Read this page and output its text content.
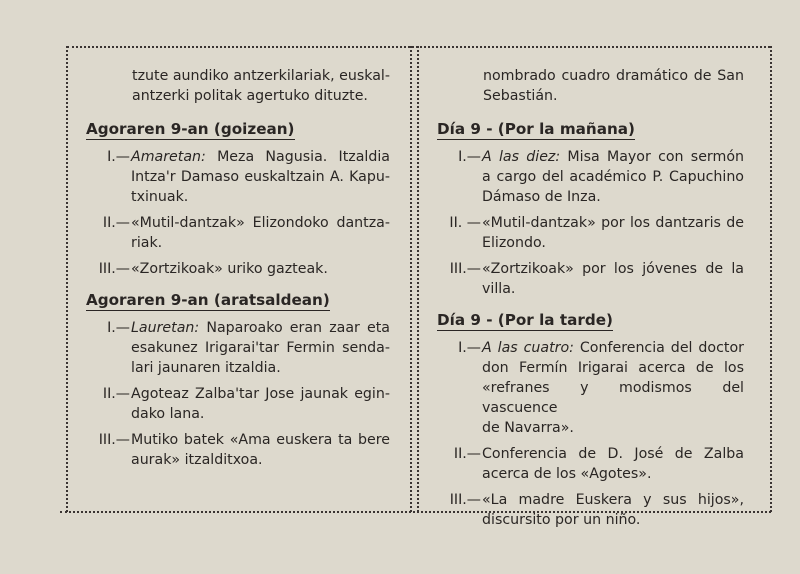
tzute aundiko antzerkilariak, euskal-
antzerki politak agertuko dituzte.
Agoraren 9-an (goizean)
I.— Amaretan: Meza Nagusia. Itzaldia
Intza'r Damaso euskaltzain A. Kapu-
txinuak.
II.— «Mutil-dantzak» Elizondoko dantza-
riak.
III.— «Zortzikoak» uriko gazteak.
Agoraren 9-an (aratsaldean)
I.— Lauretan: Naparoako eran zaar eta
esakunez Irigarai'tar Fermin senda-
lari jaunaren itzaldia.
II.— Agoteaz Zalba'tar Jose jaunak egin-
dako lana.
III.— Mutiko batek «Ama euskera ta bere
aurak» itzalditxoa.
nombrado cuadro dramático de San
Sebastián.
Día 9 - (Por la mañana)
I.— A las diez: Misa Mayor con sermón
a cargo del académico P. Capuchino
Dámaso de Inza.
II. — «Mutil-dantzak» por los dantzaris de
Elizondo.
III.— «Zortzikoak» por los jóvenes de la
villa.
Día 9 - (Por la tarde)
I.— A las cuatro: Conferencia del doctor
don Fermín Irigarai acerca de los
«refranes y modismos del vascuence
de Navarra».
II.— Conferencia de D. José de Zalba
acerca de los «Agotes».
III.— «La madre Euskera y sus hijos»,
discursito por un niño.
